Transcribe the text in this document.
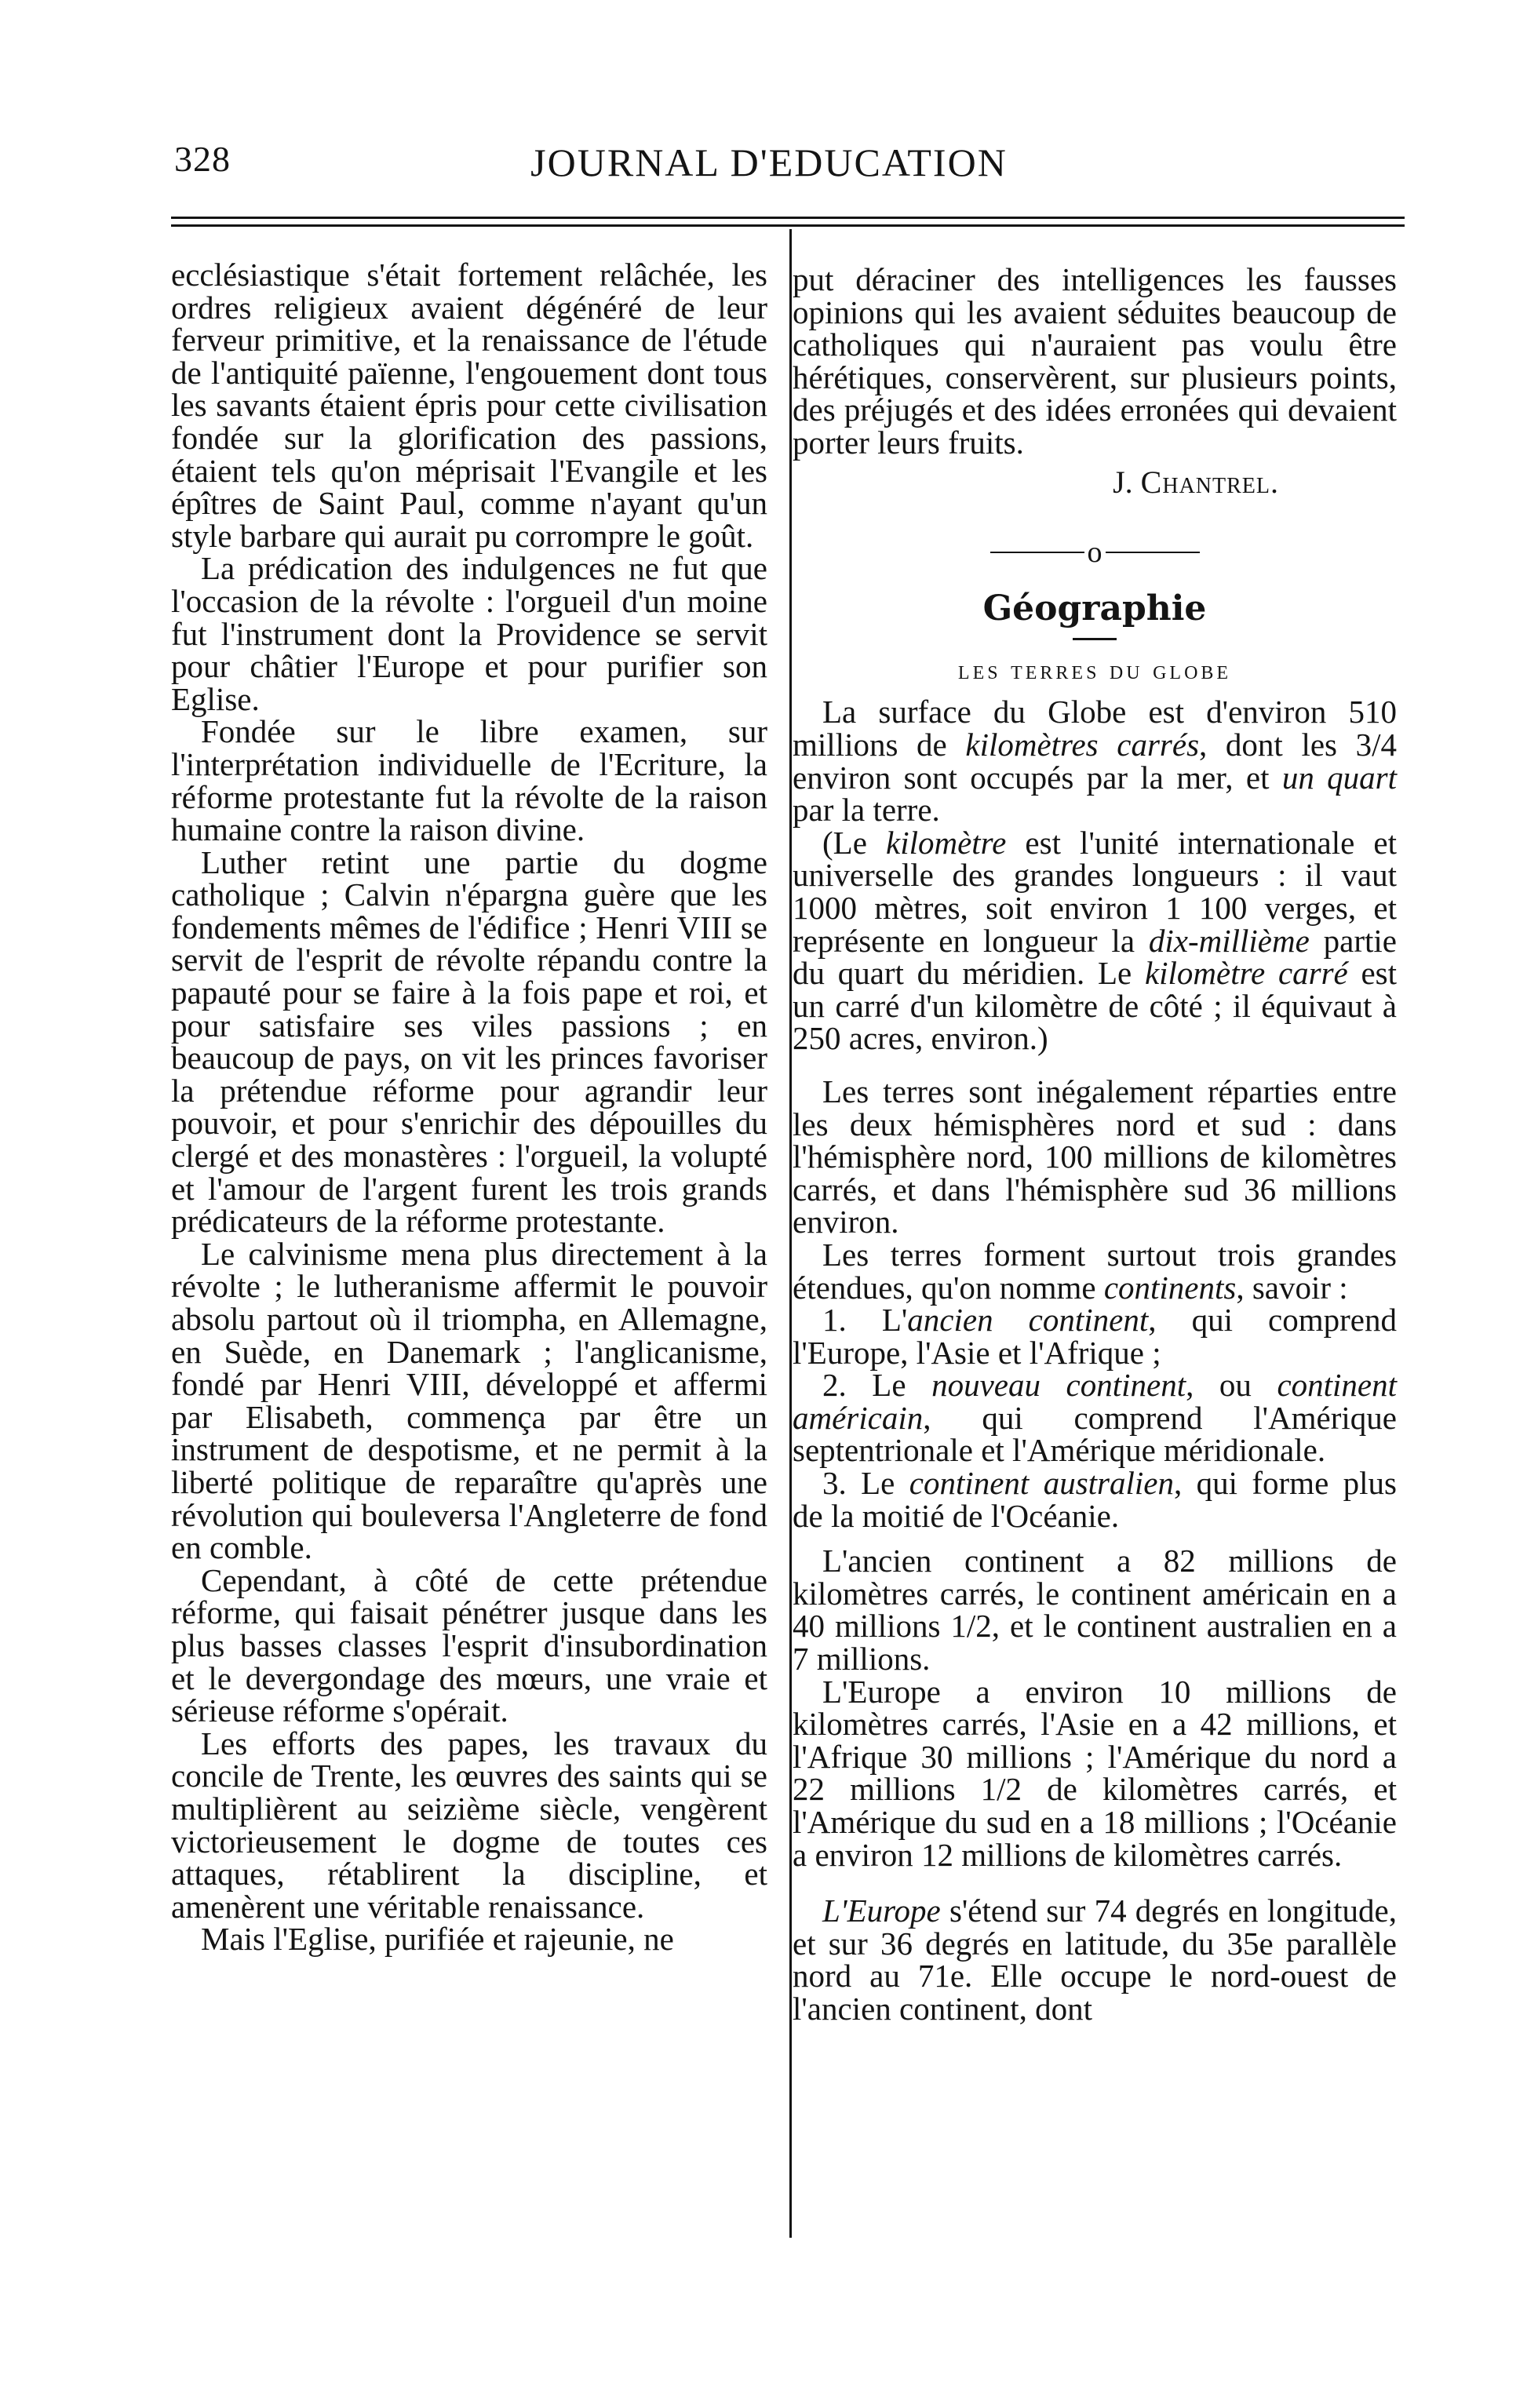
328	JOURNAL D'EDUCATION

ecclésiastique s'était fortement relâchée, les ordres religieux avaient dégénéré de leur ferveur primitive, et la renaissance de l'étude de l'antiquité païenne, l'engouement dont tous les savants étaient épris pour cette civilisation fondée sur la glorification des passions, étaient tels qu'on méprisait l'Evangile et les épîtres de Saint Paul, comme n'ayant qu'un style barbare qui aurait pu corrompre le goût.

La prédication des indulgences ne fut que l'occasion de la révolte : l'orgueil d'un moine fut l'instrument dont la Providence se servit pour châtier l'Europe et pour purifier son Eglise.

Fondée sur le libre examen, sur l'interprétation individuelle de l'Ecriture, la réforme protestante fut la révolte de la raison humaine contre la raison divine.

Luther retint une partie du dogme catholique ; Calvin n'épargna guère que les fondements mêmes de l'édifice ; Henri VIII se servit de l'esprit de révolte répandu contre la papauté pour se faire à la fois pape et roi, et pour satisfaire ses viles passions ; en beaucoup de pays, on vit les princes favoriser la prétendue réforme pour agrandir leur pouvoir, et pour s'enrichir des dépouilles du clergé et des monastères : l'orgueil, la volupté et l'amour de l'argent furent les trois grands prédicateurs de la réforme protestante.

Le calvinisme mena plus directement à la révolte ; le lutheranisme affermit le pouvoir absolu partout où il triompha, en Allemagne, en Suède, en Danemark ; l'anglicanisme, fondé par Henri VIII, développé et affermi par Elisabeth, commença par être un instrument de despotisme, et ne permit à la liberté politique de reparaître qu'après une révolution qui bouleversa l'Angleterre de fond en comble.

Cependant, à côté de cette prétendue réforme, qui faisait pénétrer jusque dans les plus basses classes l'esprit d'insubordination et le devergondage des mœurs, une vraie et sérieuse réforme s'opérait.

Les efforts des papes, les travaux du concile de Trente, les œuvres des saints qui se multiplièrent au seizième siècle, vengèrent victorieusement le dogme de toutes ces attaques, rétablirent la discipline, et amenèrent une véritable renaissance.

Mais l'Eglise, purifiée et rajeunie, ne

put déraciner des intelligences les fausses opinions qui les avaient séduites beaucoup de catholiques qui n'auraient pas voulu être hérétiques, conservèrent, sur plusieurs points, des préjugés et des idées erronées qui devaient porter leurs fruits.

J. Chantrel.
o
Géographie
les terres du globe

La surface du Globe est d'environ 510 millions de kilomètres carrés, dont les 3/4 environ sont occupés par la mer, et un quart par la terre.

(Le kilomètre est l'unité internationale et universelle des grandes longueurs : il vaut 1000 mètres, soit environ 1 100 verges, et représente en longueur la dix-millième partie du quart du méridien. Le kilomètre carré est un carré d'un kilomètre de côté ; il équivaut à 250 acres, environ.)

Les terres sont inégalement réparties entre les deux hémisphères nord et sud : dans l'hémisphère nord, 100 millions de kilomètres carrés, et dans l'hémisphère sud 36 millions environ.

Les terres forment surtout trois grandes étendues, qu'on nomme continents, savoir :

1. L'ancien continent, qui comprend l'Europe, l'Asie et l'Afrique ;

2. Le nouveau continent, ou continent américain, qui comprend l'Amérique septentrionale et l'Amérique méridionale.

3. Le continent australien, qui forme plus de la moitié de l'Océanie.

L'ancien continent a 82 millions de kilomètres carrés, le continent américain en a 40 millions 1/2, et le continent australien en a 7 millions.

L'Europe a environ 10 millions de kilomètres carrés, l'Asie en a 42 millions, et l'Afrique 30 millions ; l'Amérique du nord a 22 millions 1/2 de kilomètres carrés, et l'Amérique du sud en a 18 millions ; l'Océanie a environ 12 millions de kilomètres carrés.

L'Europe s'étend sur 74 degrés en longitude, et sur 36 degrés en latitude, du 35e parallèle nord au 71e. Elle occupe le nord-ouest de l'ancien continent, dont
